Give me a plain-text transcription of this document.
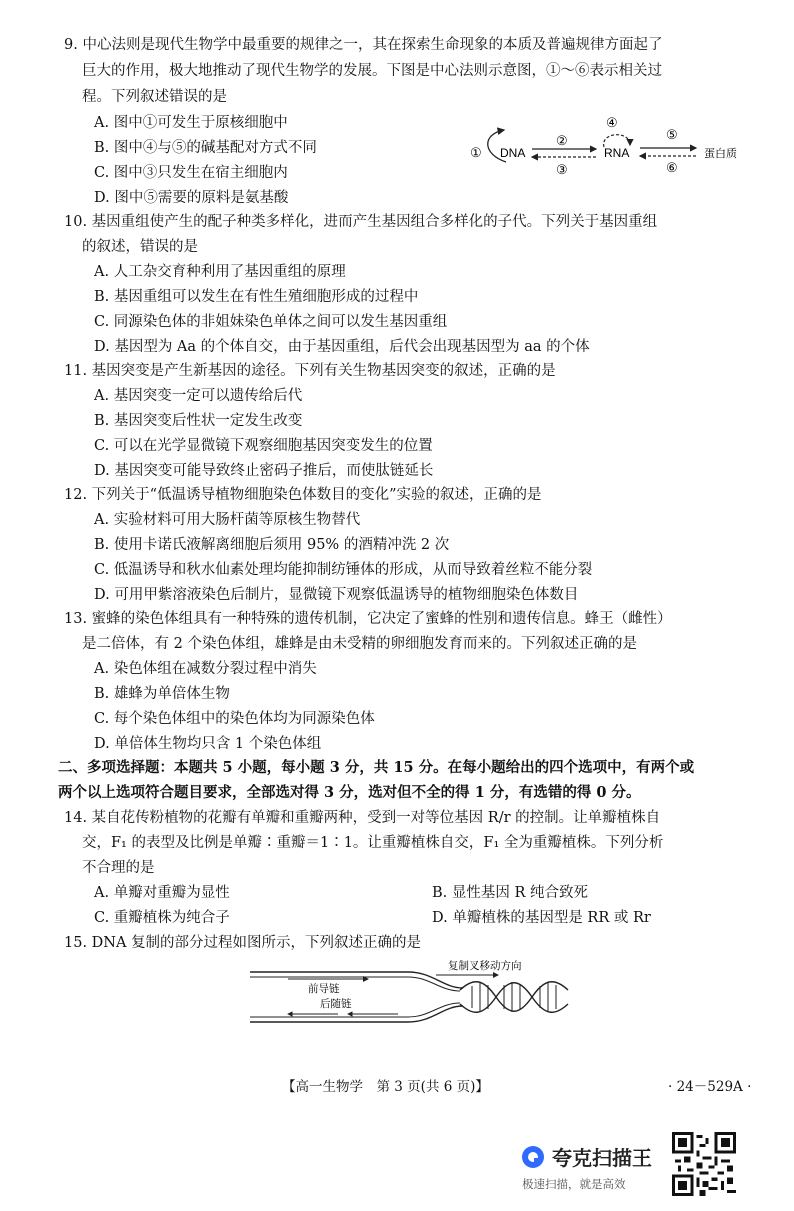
9. 中心法则是现代生物学中最重要的规律之一，其在探索生命现象的本质及普遍规律方面起了
巨大的作用，极大地推动了现代生物学的发展。下图是中心法则示意图，①～⑥表示相关过
程。下列叙述错误的是
A. 图中①可发生于原核细胞中
B. 图中④与⑤的碱基配对方式不同
C. 图中③只发生在宿主细胞内
D. 图中⑤需要的原料是氨基酸
① DNA
②
③
④
RNA
⑤
⑥
蛋白质
10. 基因重组使产生的配子种类多样化，进而产生基因组合多样化的子代。下列关于基因重组
的叙述，错误的是
A. 人工杂交育种利用了基因重组的原理
B. 基因重组可以发生在有性生殖细胞形成的过程中
C. 同源染色体的非姐妹染色单体之间可以发生基因重组
D. 基因型为 Aa 的个体自交，由于基因重组，后代会出现基因型为 aa 的个体
11. 基因突变是产生新基因的途径。下列有关生物基因突变的叙述，正确的是
A. 基因突变一定可以遗传给后代
B. 基因突变后性状一定发生改变
C. 可以在光学显微镜下观察细胞基因突变发生的位置
D. 基因突变可能导致终止密码子推后，而使肽链延长
12. 下列关于“低温诱导植物细胞染色体数目的变化”实验的叙述，正确的是
A. 实验材料可用大肠杆菌等原核生物替代
B. 使用卡诺氏液解离细胞后须用 95% 的酒精冲洗 2 次
C. 低温诱导和秋水仙素处理均能抑制纺锤体的形成，从而导致着丝粒不能分裂
D. 可用甲紫溶液染色后制片，显微镜下观察低温诱导的植物细胞染色体数目
13. 蜜蜂的染色体组具有一种特殊的遗传机制，它决定了蜜蜂的性别和遗传信息。蜂王（雌性）
是二倍体，有 2 个染色体组，雄蜂是由未受精的卵细胞发育而来的。下列叙述正确的是
A. 染色体组在减数分裂过程中消失
B. 雄蜂为单倍体生物
C. 每个染色体组中的染色体均为同源染色体
D. 单倍体生物均只含 1 个染色体组
二、多项选择题：本题共 5 小题，每小题 3 分，共 15 分。在每小题给出的四个选项中，有两个或
两个以上选项符合题目要求，全部选对得 3 分，选对但不全的得 1 分，有选错的得 0 分。
14. 某自花传粉植物的花瓣有单瓣和重瓣两种，受到一对等位基因 R/r 的控制。让单瓣植株自
交，F₁ 的表型及比例是单瓣∶重瓣＝1∶1。让重瓣植株自交，F₁ 全为重瓣植株。下列分析
不合理的是
A. 单瓣对重瓣为显性	B. 显性基因 R 纯合致死
C. 重瓣植株为纯合子	D. 单瓣植株的基因型是 RR 或 Rr
15. DNA 复制的部分过程如图所示，下列叙述正确的是
复制叉移动方向
前导链
后随链
【高一生物学　第 3 页(共 6 页)】	· 24－529A ·
夸克扫描王
极速扫描，就是高效
